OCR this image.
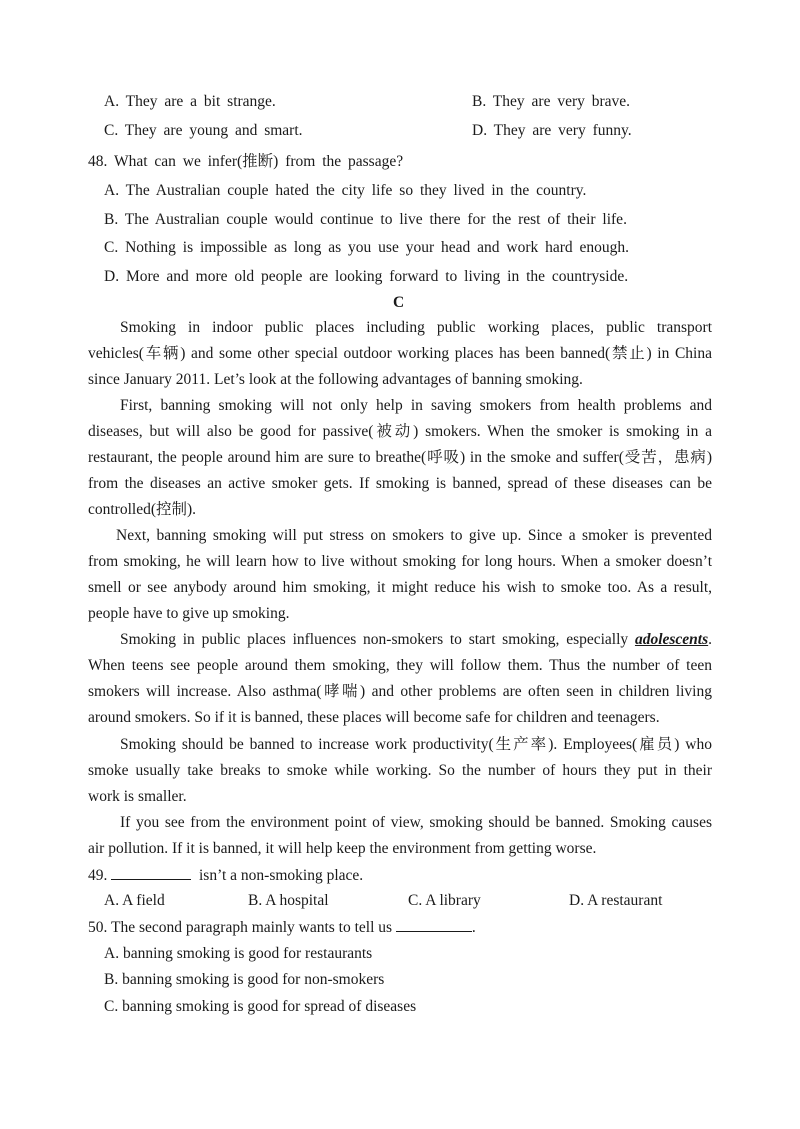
A. They are a bit strange.	B. They are very brave.
C. They are young and smart.	D. They are very funny.
48. What can we infer(推断) from the passage?
A. The Australian couple hated the city life so they lived in the country.
B. The Australian couple would continue to live there for the rest of their life.
C. Nothing is impossible as long as you use your head and work hard enough.
D. More and more old people are looking forward to living in the countryside.
C
Smoking in indoor public places including public working places, public transport
vehicles(车辆) and some other special outdoor working places has been banned(禁止) in China
since January 2011. Let’s look at the following advantages of banning smoking.
First, banning smoking will not only help in saving smokers from health problems and
diseases, but will also be good for passive(被动) smokers. When the smoker is smoking in a
restaurant, the people around him are sure to breathe(呼吸) in the smoke and suffer(受苦，患病)
from the diseases an active smoker gets. If smoking is banned, spread of these diseases can be
controlled(控制).
Next, banning smoking will put stress on smokers to give up. Since a smoker is prevented
from smoking, he will learn how to live without smoking for long hours. When a smoker doesn’t
smell or see anybody around him smoking, it might reduce his wish to smoke too. As a result,
people have to give up smoking.
Smoking in public places influences non-smokers to start smoking, especially adolescents.
When teens see people around them smoking, they will follow them. Thus the number of teen
smokers will increase. Also asthma(哮喘) and other problems are often seen in children living
around smokers. So if it is banned, these places will become safe for children and teenagers.
Smoking should be banned to increase work productivity(生产率). Employees(雇员) who
smoke usually take breaks to smoke while working. So the number of hours they put in their
work is smaller.
If you see from the environment point of view, smoking should be banned. Smoking causes
air pollution. If it is banned, it will help keep the environment from getting worse.
49.	isn’t a non-smoking place.
A. A field	B. A hospital	C. A library	D. A restaurant
50. The second paragraph mainly wants to tell us	.
A. banning smoking is good for restaurants
B. banning smoking is good for non-smokers
C. banning smoking is good for spread of diseases
